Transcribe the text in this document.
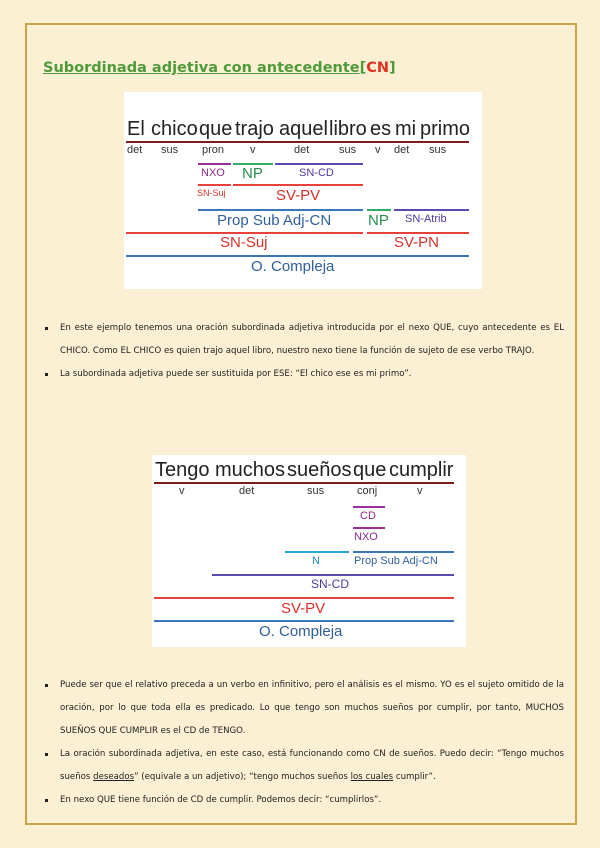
Subordinada adjetiva con antecedente[CN]
El chico que trajo aquel libro es mi primo
det sus pron v	det	sus v det sus
NXO NP	SN-CD
SN-Suj	SV-PV
Prop Sub Adj-CN NP SN-Atrib
SN-Suj	SV-PN
O. Compleja
En este ejemplo tenemos una oración subordinada adjetiva introducida por el nexo QUE, cuyo antecedente es EL CHICO. Como EL CHICO es quien trajo aquel libro, nuestro nexo tiene la función de sujeto de ese verbo TRAJO.
La subordinada adjetiva puede ser sustituida por ESE: “El chico ese es mi primo”.
Tengo muchos sueños que cumplir
v	det	sus	conj	v
CD
NXO
N	Prop Sub Adj-CN
SN-CD
SV-PV
O. Compleja
Puede ser que el relativo preceda a un verbo en infinitivo, pero el análisis es el mismo. YO es el sujeto omitido de la oración, por lo que toda ella es predicado. Lo que tengo son muchos sueños por cumplir, por tanto, MUCHOS SUEÑOS QUE CUMPLIR es el CD de TENGO.
La oración subordinada adjetiva, en este caso, está funcionando como CN de sueños. Puedo decir: “Tengo muchos sueños deseados” (equivale a un adjetivo); “tengo muchos sueños los cuales cumplir”.
En nexo QUE tiene función de CD de cumplir. Podemos decir: “cumplirlos”.
